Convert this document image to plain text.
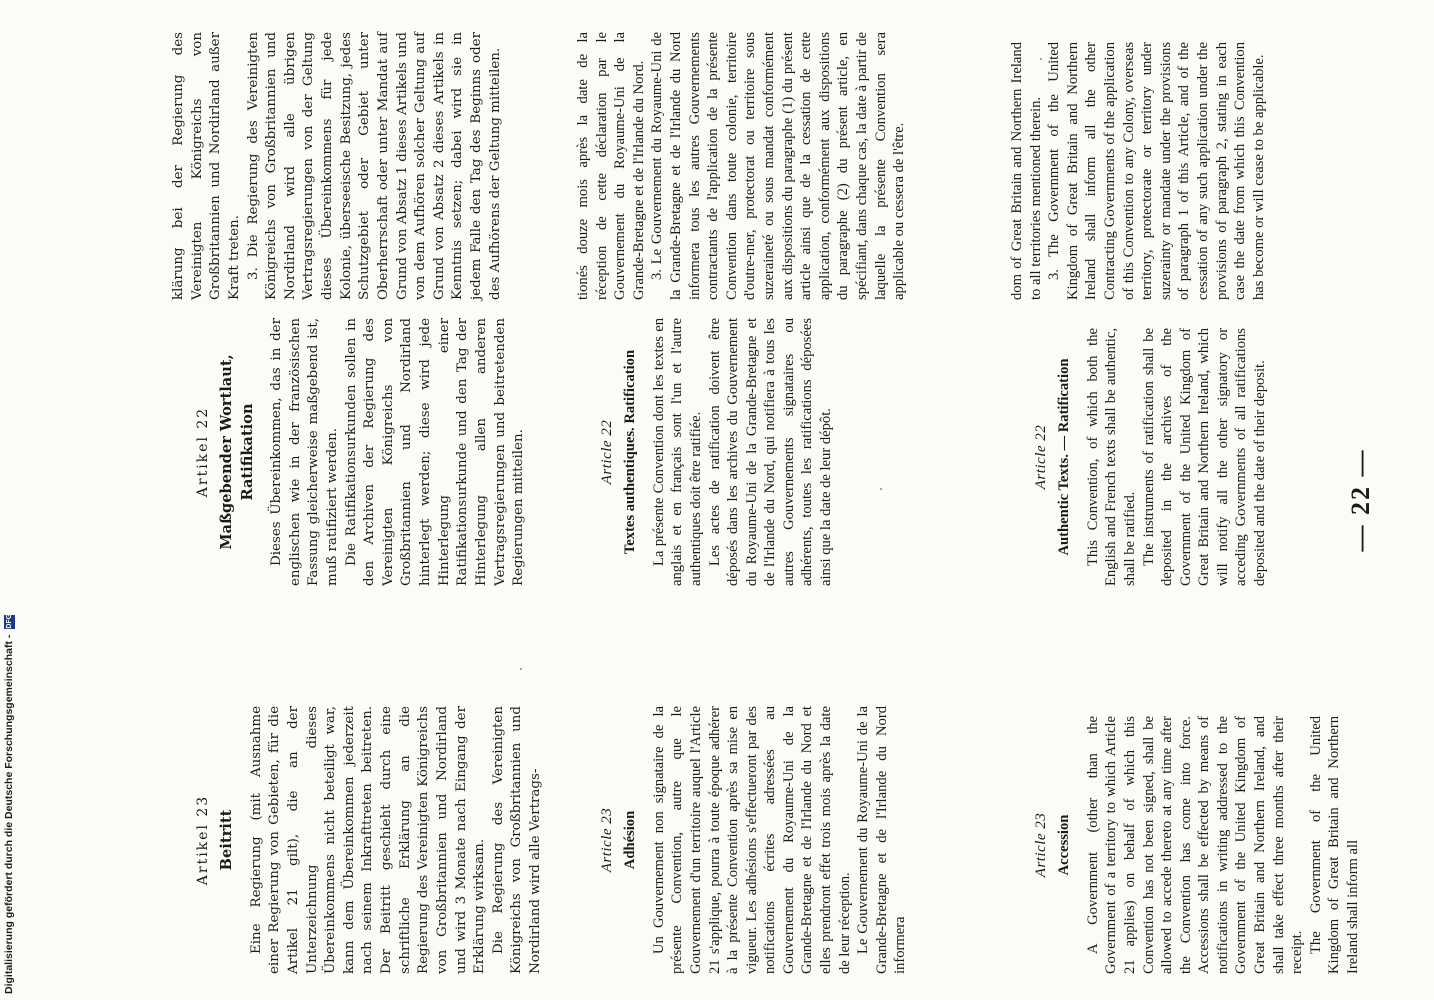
— 22 —

dom of Great Britain and Northern Ireland to all territories mentioned therein. 3. The Government of the United Kingdom of Great Britain and Northern Ireland shall inform all the other Contracting Governments of the application of this Convention to any Colony, overseas territory, protectorate or territory under suzerainty or mandate under the provisions of paragraph 1 of this Article, and of the cessation of any such application under the provisions of paragraph 2, stating in each case the date from which this Convention has become or will cease to be applicable.

tionés douze mois après la date de la réception de cette déclaration par le Gouvernement du Royaume-Uni de la Grande-Bretagne et de l'Irlande du Nord. 3. Le Gouvernement du Royaume-Uni de la Grande-Bretagne et de l'Irlande du Nord informera tous les autres Gouvernements contractants de l'application de la présente Convention dans toute colonie, territoire d'outre-mer, protectorat ou territoire sous suzeraineté ou sous mandat conformément aux dispositions du paragraphe (1) du présent article ainsi que de la cessation de cette application, conformément aux dispositions du paragraphe (2) du présent article, en spécifiant, dans chaque cas, la date à partir de laquelle la présente Convention sera applicable ou cessera de l'être.

klärung bei der Regierung des Vereinigten Königreichs von Großbritannien und Nordirland außer Kraft treten. 3. Die Regierung des Vereinigten Königreichs von Großbritannien und Nordirland wird alle übrigen Vertragsregierungen von der Geltung dieses Übereinkommens für jede Kolonie, überseeische Besitzung, jedes Schutzgebiet oder Gebiet unter Oberherrschaft oder unter Mandat auf Grund von Absatz 1 dieses Artikels und von dem Aufhören solcher Geltung auf Grund von Absatz 2 dieses Artikels in Kenntnis setzen; dabei wird sie in jedem Falle den Tag des Beginns oder des Aufhörens der Geltung mitteilen.

Article 22 Authentic Texts. — Ratification This Convention, of which both the English and French texts shall be authentic, shall be ratified. The instruments of ratification shall be deposited in the archives of the Government of the United Kingdom of Great Britain and Northern Ireland, which will notify all the other signatory or acceding Governments of all ratifications deposited and the date of their deposit.

Article 22 Textes authentiques. Ratification La présente Convention dont les textes en anglais et en français sont l'un et l'autre authentiques doit être ratifiée. Les actes de ratification doivent être déposés dans les archives du Gouvernement du Royaume-Uni de la Grande-Bretagne et de l'Irlande du Nord, qui notifiera à tous les autres Gouvernements signataires ou adhérents, toutes les ratifications déposées ainsi que la date de leur dépôt.

Artikel 22 Maßgebender Wortlaut, Ratifikation Dieses Übereinkommen, das in der englischen wie in der französischen Fassung gleicherweise maßgebend ist, muß ratifiziert werden. Die Ratifikationsurkunden sollen in den Archiven der Regierung des Vereinigten Königreichs von Großbritannien und Nordirland hinterlegt werden; diese wird jede Hinterlegung einer Ratifikationsurkunde und den Tag der Hinterlegung allen anderen Vertragsregierungen und beitretenden Regierungen mitteilen.

Article 23 Accession A Government (other than the Government of a territory to which Article 21 applies) on behalf of which this Convention has not been signed, shall be allowed to accede thereto at any time after the Convention has come into force. Accessions shall be effected by means of notifications in writing addressed to the Government of the United Kingdom of Great Britain and Northern Ireland, and shall take effect three months after their receipt. The Government of the United Kingdom of Great Britain and Northern Ireland shall inform all

Article 23 Adhésion Un Gouvernement non signataire de la présente Convention, autre que le Gouvernement d'un territoire auquel l'Article 21 s'applique, pourra à toute époque adhérer à la présente Convention après sa mise en vigueur. Les adhésions s'effectueront par des notifications écrites adressées au Gouvernement du Royaume-Uni de la Grande-Bretagne et de l'Irlande du Nord et elles prendront effet trois mois après la date de leur réception. Le Gouvernement du Royaume-Uni de la Grande-Bretagne et de l'Irlande du Nord informera

Artikel 23 Beitritt Eine Regierung (mit Ausnahme einer Regierung von Gebieten, für die Artikel 21 gilt), die an der Unterzeichnung dieses Übereinkommens nicht beteiligt war, kann dem Übereinkommen jederzeit nach seinem Inkrafttreten beitreten. Der Beitritt geschieht durch eine schriftliche Erklärung an die Regierung des Vereinigten Königreichs von Großbritannien und Nordirland und wird 3 Monate nach Eingang der Erklärung wirksam. Die Regierung des Vereinigten Königreichs von Großbritannien und Nordirland wird alle Vertrags-

Digitalisierung gefördert durch die Deutsche Forschungsgemeinschaft -
DFG
